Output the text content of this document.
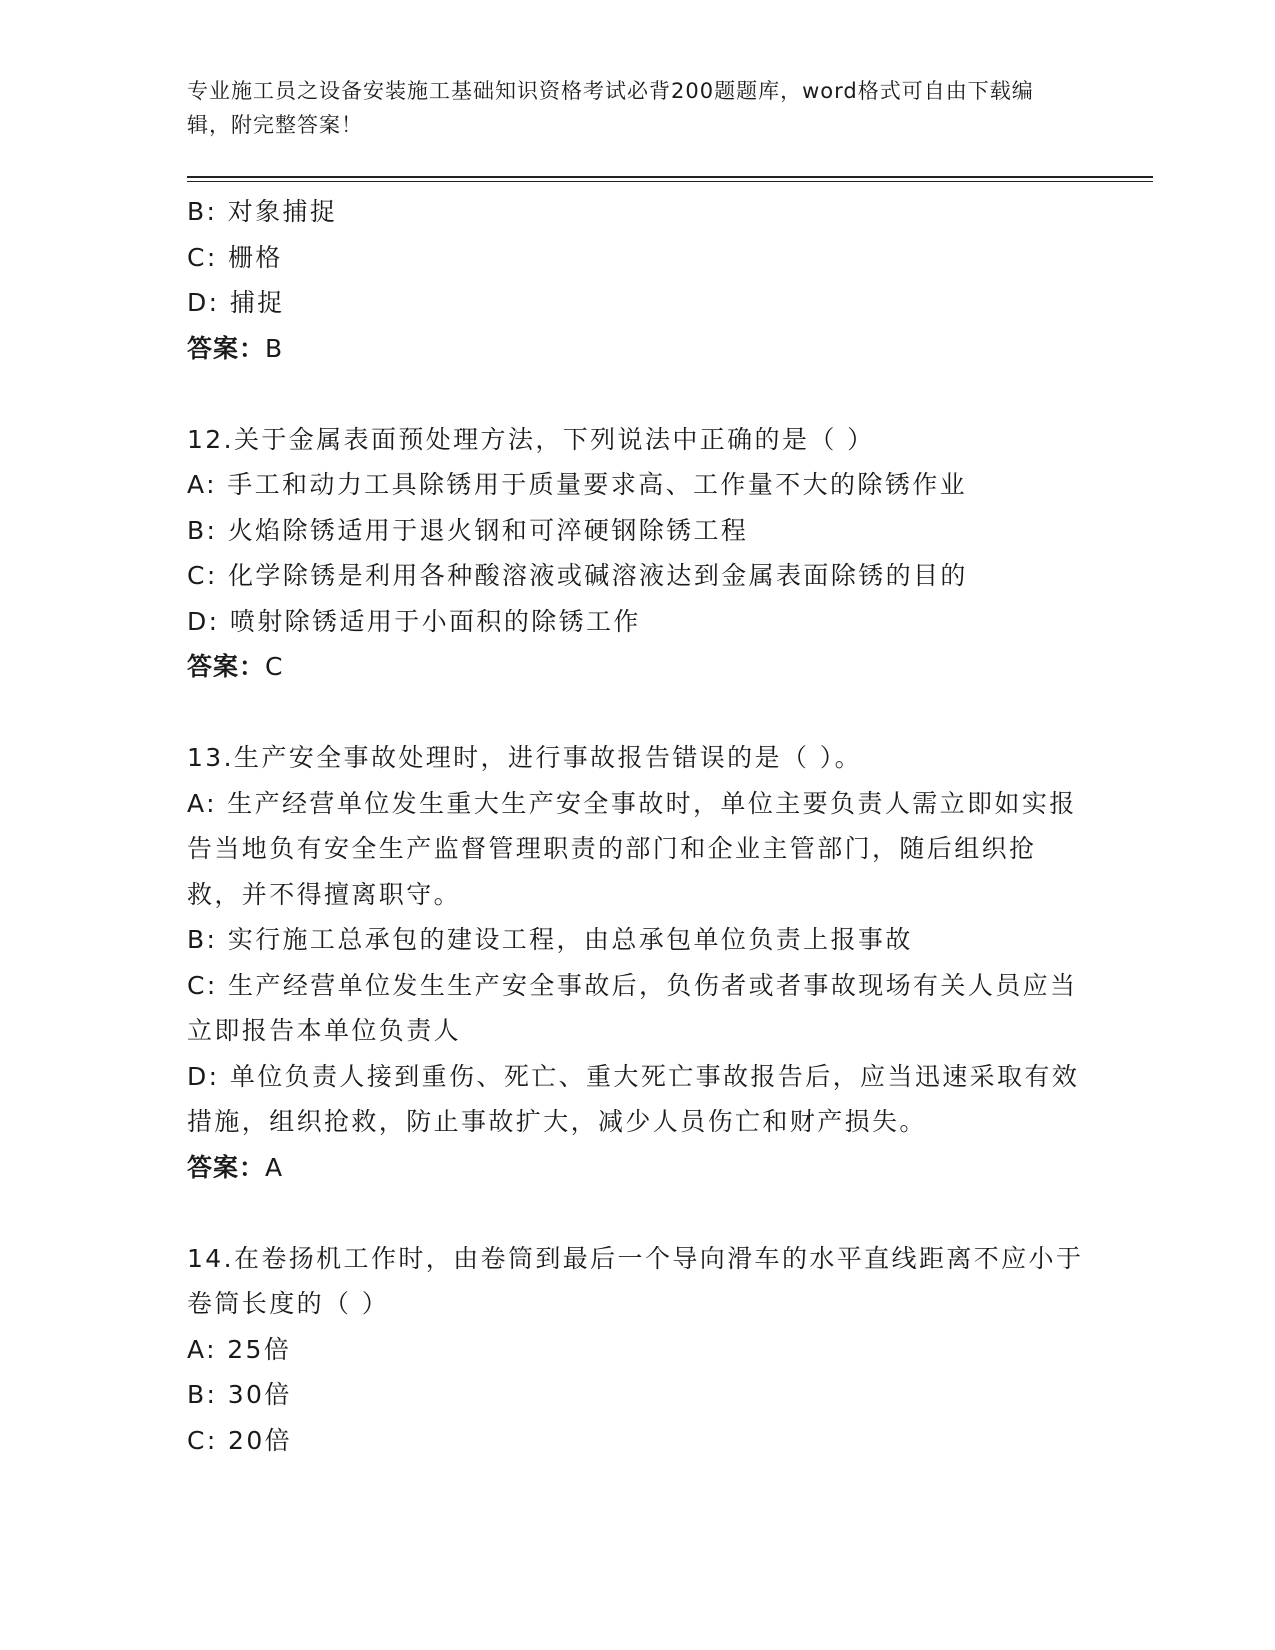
专业施工员之设备安装施工基础知识资格考试必背200题题库，word格式可自由下载编辑，附完整答案！

B: 对象捕捉

C: 栅格

D: 捕捉

答案：B

12.关于金属表面预处理方法，下列说法中正确的是（ ）

A: 手工和动力工具除锈用于质量要求高、工作量不大的除锈作业

B: 火焰除锈适用于退火钢和可淬硬钢除锈工程

C: 化学除锈是利用各种酸溶液或碱溶液达到金属表面除锈的目的

D: 喷射除锈适用于小面积的除锈工作

答案：C

13.生产安全事故处理时，进行事故报告错误的是（ ）。

A: 生产经营单位发生重大生产安全事故时，单位主要负责人需立即如实报告当地负有安全生产监督管理职责的部门和企业主管部门，随后组织抢救，并不得擅离职守。

B: 实行施工总承包的建设工程，由总承包单位负责上报事故

C: 生产经营单位发生生产安全事故后，负伤者或者事故现场有关人员应当立即报告本单位负责人

D: 单位负责人接到重伤、死亡、重大死亡事故报告后，应当迅速采取有效措施，组织抢救，防止事故扩大，减少人员伤亡和财产损失。

答案：A

14.在卷扬机工作时，由卷筒到最后一个导向滑车的水平直线距离不应小于卷筒长度的（ ）

A: 25倍

B: 30倍

C: 20倍
